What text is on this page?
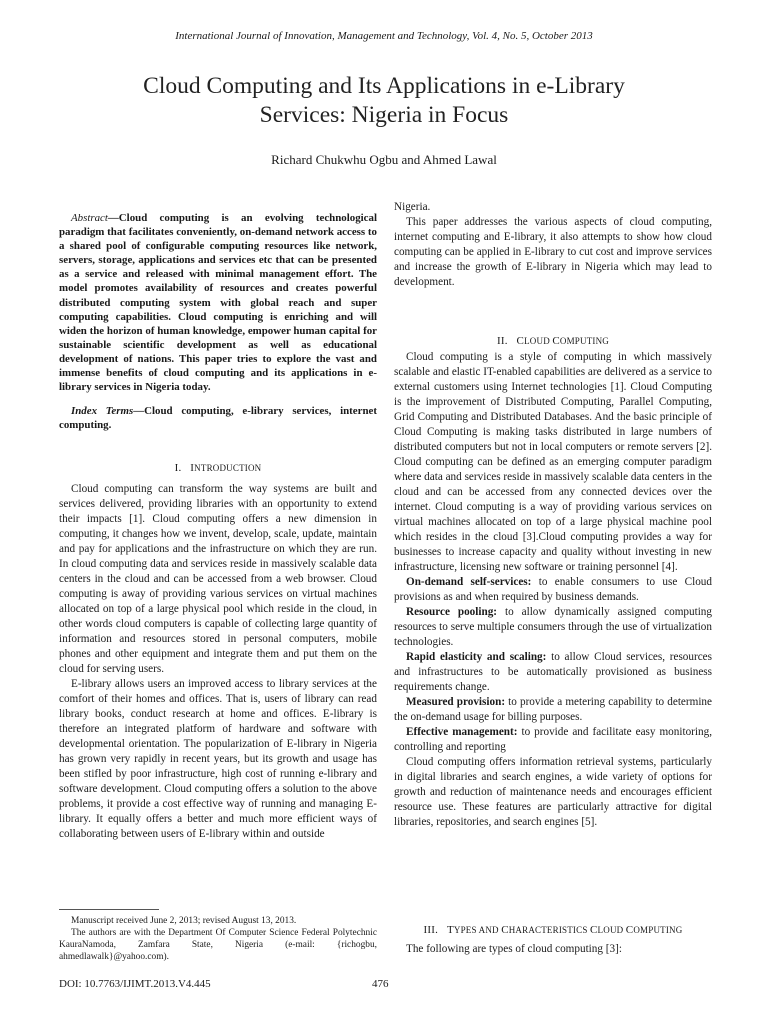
International Journal of Innovation, Management and Technology, Vol. 4, No. 5, October 2013
Cloud Computing and Its Applications in e-Library
Services: Nigeria in Focus
Richard Chukwhu Ogbu and Ahmed Lawal

Abstract—Cloud computing is an evolving technological paradigm that facilitates conveniently, on-demand network access to a shared pool of configurable computing resources like network, servers, storage, applications and services etc that can be presented as a service and released with minimal management effort. The model promotes availability of resources and creates powerful distributed computing system with global reach and super computing capabilities. Cloud computing is enriching and will widen the horizon of human knowledge, empower human capital for sustainable scientific development as well as educational development of nations. This paper tries to explore the vast and immense benefits of cloud computing and its applications in e-library services in Nigeria today.

Index Terms—Cloud computing, e-library services, internet computing.

I. INTRODUCTION

Cloud computing can transform the way systems are built and services delivered, providing libraries with an opportunity to extend their impacts [1]. Cloud computing offers a new dimension in computing, it changes how we invent, develop, scale, update, maintain and pay for applications and the infrastructure on which they are run. In cloud computing data and services reside in massively scalable data centers in the cloud and can be accessed from a web browser. Cloud computing is away of providing various services on virtual machines allocated on top of a large physical pool which reside in the cloud, in other words cloud computers is capable of collecting large quantity of information and resources stored in personal computers, mobile phones and other equipment and integrate them and put them on the cloud for serving users.

E-library allows users an improved access to library services at the comfort of their homes and offices. That is, users of library can read library books, conduct research at home and offices. E-library is therefore an integrated platform of hardware and software with developmental orientation. The popularization of E-library in Nigeria has grown very rapidly in recent years, but its growth and usage has been stifled by poor infrastructure, high cost of running e-library and software development. Cloud computing offers a solution to the above problems, it provide a cost effective way of running and managing E-library. It equally offers a better and much more efficient ways of collaborating between users of E-library within and outside

Manuscript received June 2, 2013; revised August 13, 2013.

The authors are with the Department Of Computer Science Federal Polytechnic KauraNamoda, Zamfara State, Nigeria (e-mail: {richogbu, ahmedlawalk}@yahoo.com).

Nigeria.

This paper addresses the various aspects of cloud computing, internet computing and E-library, it also attempts to show how cloud computing can be applied in E-library to cut cost and improve services and increase the growth of E-library in Nigeria which may lead to development.

II. CLOUD COMPUTING

Cloud computing is a style of computing in which massively scalable and elastic IT-enabled capabilities are delivered as a service to external customers using Internet technologies [1]. Cloud Computing is the improvement of Distributed Computing, Parallel Computing, Grid Computing and Distributed Databases. And the basic principle of Cloud Computing is making tasks distributed in large numbers of distributed computers but not in local computers or remote servers [2]. Cloud computing can be defined as an emerging computer paradigm where data and services reside in massively scalable data centers in the cloud and can be accessed from any connected devices over the internet. Cloud computing is a way of providing various services on virtual machines allocated on top of a large physical machine pool which resides in the cloud [3].Cloud computing provides a way for businesses to increase capacity and quality without investing in new infrastructure, licensing new software or training personnel [4].

On-demand self-services: to enable consumers to use Cloud provisions as and when required by business demands.

Resource pooling: to allow dynamically assigned computing resources to serve multiple consumers through the use of virtualization technologies.

Rapid elasticity and scaling: to allow Cloud services, resources and infrastructures to be automatically provisioned as business requirements change.

Measured provision: to provide a metering capability to determine the on-demand usage for billing purposes.

Effective management: to provide and facilitate easy monitoring, controlling and reporting

Cloud computing offers information retrieval systems, particularly in digital libraries and search engines, a wide variety of options for growth and reduction of maintenance needs and encourages efficient resource use. These features are particularly attractive for digital libraries, repositories, and search engines [5].

III. TYPES AND CHARACTERISTICS CLOUD COMPUTING

The following are types of cloud computing [3]:

DOI: 10.7763/IJIMT.2013.V4.445	476
